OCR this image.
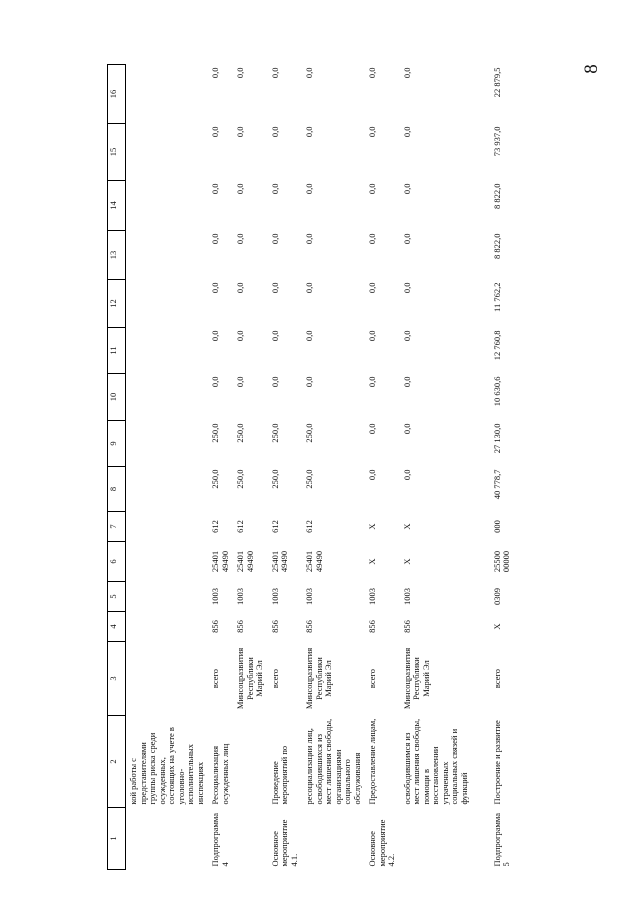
8
1	2	3	4	5	6	7	8	9	10	11	12	13	14	15	16
	кой работы с представителями группы риска среди осужденных, состоящих на учете в уголовно-исполнительных инспекциях														
Подпрограмма 4	Ресоциализация осужденных лиц	всего	856	1003	25401 49490	612	250,0	250,0	0,0	0,0	0,0	0,0	0,0	0,0	0,0
		Минсоцразвития Республики Марий Эл	856	1003	25401 49490	612	250,0	250,0	0,0	0,0	0,0	0,0	0,0	0,0	0,0
Основное мероприятие 4.1.	Проведение мероприятий по	всего	856	1003	25401 49490	612	250,0	250,0	0,0	0,0	0,0	0,0	0,0	0,0	0,0
	ресоциализации лиц, освободившихся из мест лишения свободы, организациями социального обслуживания	Минсоцразвития Республики Марий Эл	856	1003	25401 49490	612	250,0	250,0	0,0	0,0	0,0	0,0	0,0	0,0	0,0
Основное мероприятие 4.2.	Предоставление лицам,	всего	856	1003	Х	Х	0,0	0,0	0,0	0,0	0,0	0,0	0,0	0,0	0,0
	освободившимся из мест лишения свободы, помощи в восстановлении утраченных социальных связей и функций	Минсоцразвития Республики Марий Эл	856	1003	Х	Х	0,0	0,0	0,0	0,0	0,0	0,0	0,0	0,0	0,0
Подпрограмма 5	Построение и развитие	всего	Х	0309	25500 00000	000	40 778,7	27 130,0	10 630,6	12 760,8	11 762,2	8 822,0	8 822,0	73 937,0	22 879,5
